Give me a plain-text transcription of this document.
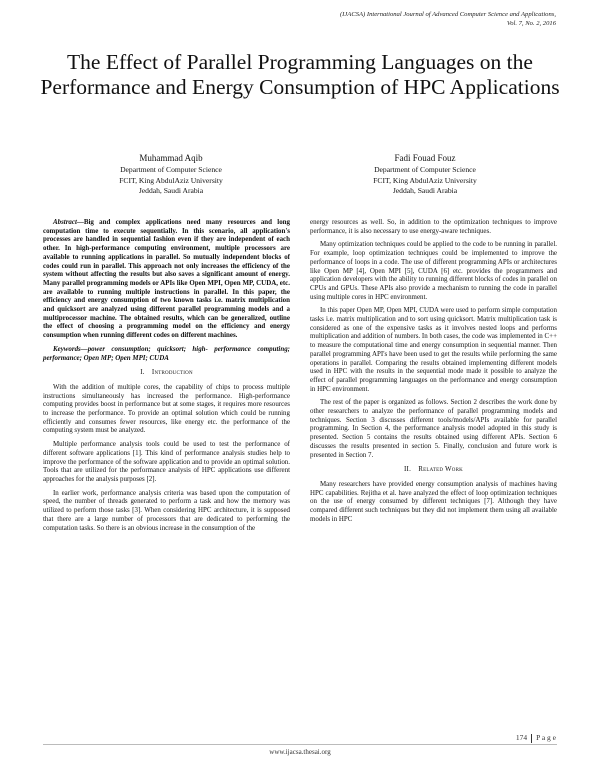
(IJACSA) International Journal of Advanced Computer Science and Applications,
Vol. 7, No. 2, 2016
The Effect of Parallel Programming Languages on the Performance and Energy Consumption of HPC Applications
Muhammad Aqib
Department of Computer Science
FCIT, King AbdulAziz University
Jeddah, Saudi Arabia
Fadi Fouad Fouz
Department of Computer Science
FCIT, King AbdulAziz University
Jeddah, Saudi Arabia

Abstract—Big and complex applications need many resources and long computation time to execute sequentially. In this scenario, all application's processes are handled in sequential fashion even if they are independent of each other. In high-performance computing environment, multiple processors are available to running applications in parallel. So mutually independent blocks of codes could run in parallel. This approach not only increases the efficiency of the system without affecting the results but also saves a significant amount of energy. Many parallel programming models or APIs like Open MPI, Open MP, CUDA, etc. are available to running multiple instructions in parallel. In this paper, the efficiency and energy consumption of two known tasks i.e. matrix multiplication and quicksort are analyzed using different parallel programming models and a multiprocessor machine. The obtained results, which can be generalized, outline the effect of choosing a programming model on the efficiency and energy consumption when running different codes on different machines.

Keywords—power consumption; quicksort; high- performance computing; performance; Open MP; Open MPI; CUDA

I. Introduction

With the addition of multiple cores, the capability of chips to process multiple instructions simultaneously has increased the performance. High-performance computing provides boost in performance but at some stages, it requires more resources to increase the performance. To provide an optimal solution which could be running efficiently and consumes fewer resources, like energy etc. the performance of the computing system must be analyzed.

Multiple performance analysis tools could be used to test the performance of different software applications [1]. This kind of performance analysis studies help to improve the performance of the software application and to provide an optimal solution. Tools that are utilized for the performance analysis of HPC applications use different approaches for the analysis purposes [2].

In earlier work, performance analysis criteria was based upon the computation of speed, the number of threads generated to perform a task and how the memory was utilized to perform those tasks [3]. When considering HPC architecture, it is supposed that there are a large number of processors that are dedicated to performing the computation tasks. So there is an obvious increase in the consumption of the

energy resources as well. So, in addition to the optimization techniques to improve performance, it is also necessary to use energy-aware techniques.

Many optimization techniques could be applied to the code to be running in parallel. For example, loop optimization techniques could be implemented to improve the performance of loops in a code. The use of different programming APIs or architectures like Open MP [4], Open MPI [5], CUDA [6] etc. provides the programmers and application developers with the ability to running different blocks of codes in parallel on CPUs and GPUs. These APIs also provide a mechanism to running the code in parallel using multiple cores in HPC environment.

In this paper Open MP, Open MPI, CUDA were used to perform simple computation tasks i.e. matrix multiplication and to sort using quicksort. Matrix multiplication task is considered as one of the expensive tasks as it involves nested loops and performs multiplication and addition of numbers. In both cases, the code was implemented in C++ to measure the computational time and energy consumption in sequential manner. Then parallel programming API's have been used to get the results while performing the same operations in parallel. Comparing the results obtained implementing different models used in HPC with the results in the sequential mode made it possible to analyze the effect of parallel programming languages on the performance and energy consumption in HPC environment.

The rest of the paper is organized as follows. Section 2 describes the work done by other researchers to analyze the performance of parallel programming models and techniques. Section 3 discusses different tools/models/APIs available for parallel programming. In Section 4, the performance analysis model adopted in this study is presented. Section 5 contains the results obtained using different APIs. Section 6 discusses the results presented in section 5. Finally, conclusion and future work is presented in Section 7.

II. Related Work

Many researchers have provided energy consumption analysis of machines having HPC capabilities. Rejitha et al. have analyzed the effect of loop optimization techniques on the use of energy consumed by different techniques [7]. Although they have compared different such techniques but they did not implement them using all available models in HPC

174 P a g e
www.ijacsa.thesai.org
